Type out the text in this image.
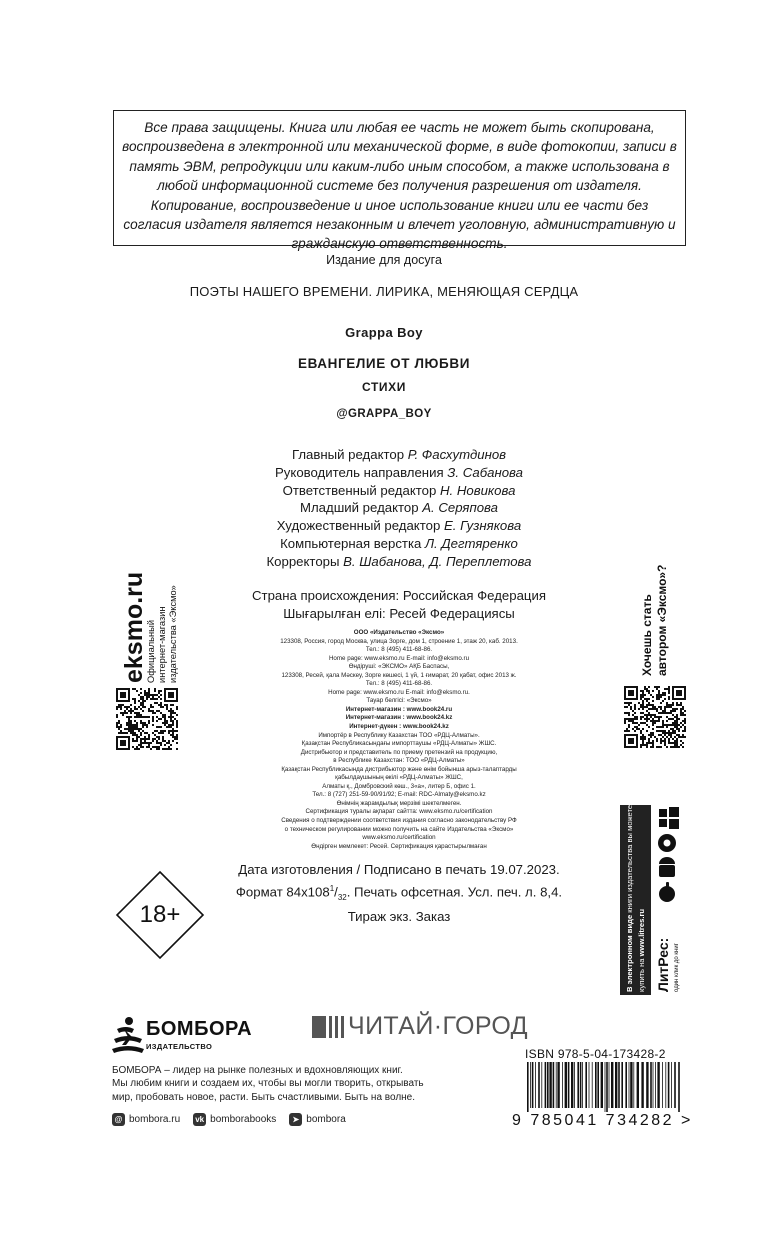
Все права защищены. Книга или любая ее часть не может быть скопирована, воспроизведена в электронной или механической форме, в виде фотокопии, записи в память ЭВМ, репродукции или каким-либо иным способом, а также использована в любой информационной системе без получения разрешения от издателя. Копирование, воспроизведение и иное использование книги или ее части без согласия издателя является незаконным и влечет уголовную, административную и гражданскую ответственность.
Издание для досуга
ПОЭТЫ НАШЕГО ВРЕМЕНИ. ЛИРИКА, МЕНЯЮЩАЯ СЕРДЦА
Grappa Boy
ЕВАНГЕЛИЕ ОТ ЛЮБВИ
СТИХИ
@GRAPPA_BOY
Главный редактор Р. Фасхутдинов
Руководитель направления З. Сабанова
Ответственный редактор Н. Новикова
Младший редактор А. Серяпова
Художественный редактор Е. Гузнякова
Компьютерная верстка Л. Дегтяренко
Корректоры В. Шабанова, Д. Переплетова
Страна происхождения: Российская Федерация
Шығарылған елі: Ресей Федерациясы
ООО «Издательство «Эксмо»
123308, Россия, город Москва, улица Зорге, дом 1, строение 1, этаж 20, каб. 2013.
Тел.: 8 (495) 411-68-86.
Home page: www.eksmo.ru E-mail: info@eksmo.ru
Өндіруші: «ЭКСМО» АҚБ Баспасы,
123308, Ресей, қала Мәскеу, Зорге көшесі, 1 үй, 1 ғимарат, 20 қабат, офис 2013 ж.
Тел.: 8 (495) 411-68-86.
Home page: www.eksmo.ru E-mail: info@eksmo.ru.
Тауар белгісі: «Эксмо»
Интернет-магазин : www.book24.ru
Интернет-магазин : www.book24.kz
Интернет-дүкен : www.book24.kz
Импортёр в Республику Казахстан ТОО «РДЦ-Алматы».
Қазақстан Республикасындағы импорттаушы «РДЦ-Алматы» ЖШС.
Дистрибьютор и представитель по приему претензий на продукцию,
в Республике Казахстан: ТОО «РДЦ-Алматы»
Қазақстан Республикасында дистрибьютор және өнім бойынша арыз-талаптарды
қабылдаушының өкілі «РДЦ-Алматы» ЖШС,
Алматы қ., Домбровский көш., 3«а», литер Б, офис 1.
Тел.: 8 (727) 251-59-90/91/92; E-mail: RDC-Almaty@eksmo.kz
Өнімнің жарамдылық мерзімі шектелмеген.
Сертификация туралы ақпарат сайтта: www.eksmo.ru/certification
Сведения о подтверждении соответствия издания согласно законодательству РФ
о техническом регулировании можно получить на сайте Издательства «Эксмо»
www.eksmo.ru/certification
Өндірген мемлекет: Ресей. Сертификация қарастырылмаған
Дата изготовления / Подписано в печать 19.07.2023.
Формат $84x108^1/_{32}$. Печать офсетная. Усл. печ. л. 8,4.
Тираж экз. Заказ
18+
eksmo.ru
Официальный интернет-магазин издательства «Эксмо»	Хочешь стать автором «Эксмо»?
В электронном виде книги издательства вы можете
купить на www.litres.ru
ЛитРес: один клик до книг
БОМБОРА
ИЗДАТЕЛЬСТВО
ЧИТАЙ·ГОРОД
БОМБОРА – лидер на рынке полезных и вдохновляющих книг.
Мы любим книги и создаем их, чтобы вы могли творить, открывать
мир, пробовать новое, расти. Быть счастливыми. Быть на волне.
@ bombora.ru vk bomborabooks	➤ bombora
ISBN 978-5-04-173428-2
9 785041 734282 >
